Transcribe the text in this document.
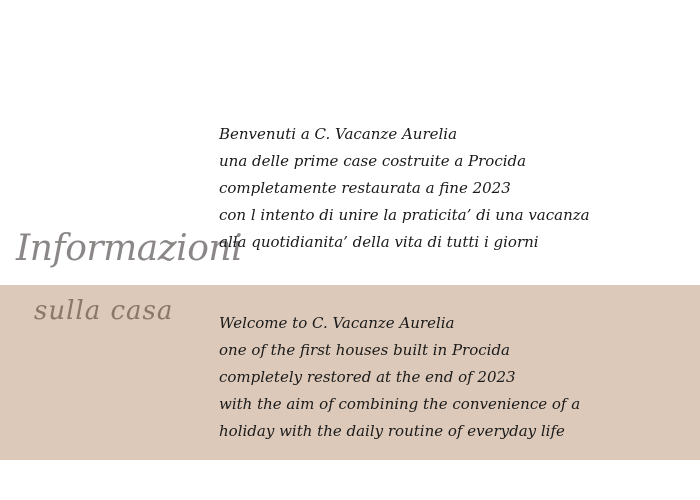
Informazioni
sulla casa
Benvenuti a C. Vacanze Aurelia
una delle prime case costruite a Procida
completamente restaurata a fine 2023
con l intento di unire la praticita’ di una vacanza
alla quotidianita’ della vita di tutti i giorni
Welcome to C. Vacanze Aurelia
one of the first houses built in Procida
completely restored at the end of 2023
with the aim of combining the convenience of a
holiday with the daily routine of everyday life
